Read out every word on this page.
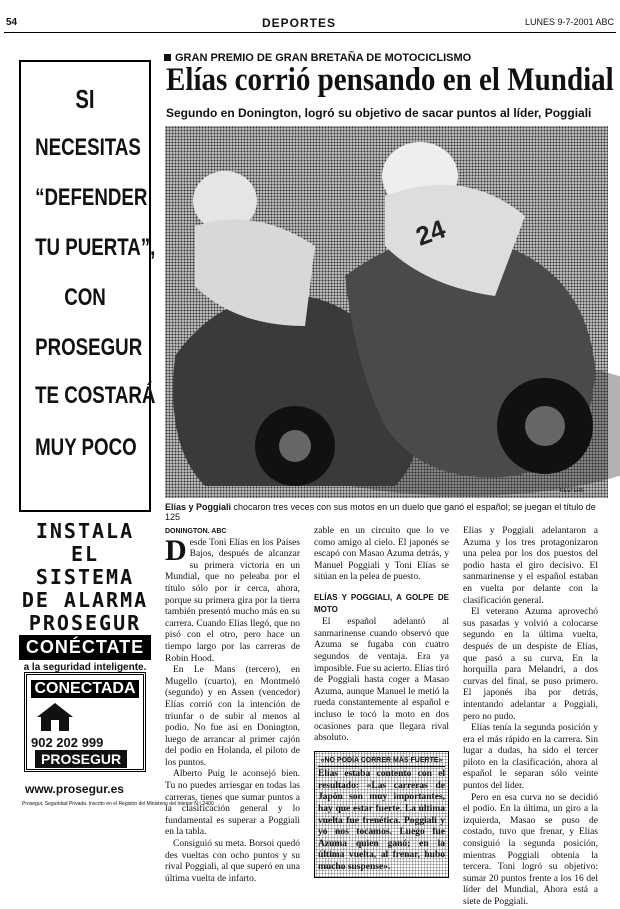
54	DEPORTES	LUNES 9-7-2001 ABC
SI
NECESITAS
“DEFENDER
TU PUERTA”,
CON
PROSEGUR
TE COSTARÁ
MUY POCO
INSTALA
EL SISTEMA
DE ALARMA
PROSEGUR
CONÉCTATE
a la seguridad inteligente.
CONECTADA
902 202 999
PROSEGUR
www.prosegur.es
Prosegur, Seguridad Privada. Inscrito en el Registro del Ministerio del Interior N.º 2400
GRAN PREMIO DE GRAN BRETAÑA DE MOTOCICLISMO
Elías corrió pensando en el Mundial
Segundo en Donington, logró su objetivo de sacar puntos al líder, Poggiali
24
REUTERS
Elías y Poggiali chocaron tres veces con sus motos en un duelo que ganó el español; se juegan el título de 125
DONINGTON. ABC
D esde Toni Elías en los Países Bajos, después de alcanzar su primera victoria en un Mundial, que no peleaba por el título sólo por ir cerca, ahora, porque su primera gira por la tierra también presentó mucho más en su carrera. Cuando Elías llegó, que no pisó con el otro, pero hace un tiempo largo por las carreras de Robin Hood.

En Le Mans (tercero), en Mugello (cuarto), en Montmeló (segundo) y en Assen (vencedor) Elías corrió con la intención de triunfar o de subir al menos al podio. No fue así en Donington, luego de arrancar al primer cajón del podio en Holanda, el piloto de los puntos.

Alberto Puig le aconsejó bien. Tu no puedes arriesgar en todas las carreras, tienes que sumar puntos a la clasificación general y lo fundamental es superar a Poggiali en la tabla.

Consiguió su meta. Borsoi quedó des vueltas con ocho puntos y su rival Poggiali, al que superó en una última vuelta de infarto.

zable en un circuito que lo ve como amigo al cielo. El japonés se escapó con Masao Azuma detrás, y Manuel Poggiali y Toni Elías se sitúan en la pelea de puesto.

ELÍAS Y POGGIALI, A GOLPE DE MOTO

El español adelantó al sanmarinense cuando observó que Azuma se fugaba con cuatro segundos de ventaja. Era ya imposible. Fue su acierto. Elías tiró de Poggiali hasta coger a Masao Azuma, aunque Manuel le metió la rueda constantemente al español e incluso le tocó la moto en dos ocasiones para que llegara rival absoluto.

«NO PODÍA CORRER MÁS FUERTE»
Elías estaba contento con el resultado: «Las carreras de Japón son muy importantes, hay que estar fuerte. La última vuelta fue frenética. Poggiali y yo nos tocamos. Luego fue Azuma quien ganó; en la última vuelta, al frenar, hubo mucho suspense».

Elías y Poggiali adelantaron a Azuma y los tres protagonizaron una pelea por los dos puestos del podio hasta el giro decisivo. El sanmarinense y el español estaban en vuelta por delante con la clasificación general.

El veterano Azuma aprovechó sus pasadas y volvió a colocarse segundo en la última vuelta, después de un despiste de Elías, que pasó a su curva. En la horquilla para Melandri, a dos curvas del final, se puso primero. El japonés iba por detrás, intentando adelantar a Poggiali, pero no pudo.

Elías tenía la segunda posición y era el más rápido en la carrera. Sin lugar a dudas, ha sido el tercer piloto en la clasificación, ahora al español le separan sólo veinte puntos del líder.

Pero en esa curva no se decidió el podio. En la última, un giro a la izquierda, Masao se puso de costado, tuvo que frenar, y Elías consiguió la segunda posición, mientras Poggiali obtenía la tercera. Toni logró su objetivo: sumar 20 puntos frente a los 16 del líder del Mundial, Ahora está a siete de Poggiali.
